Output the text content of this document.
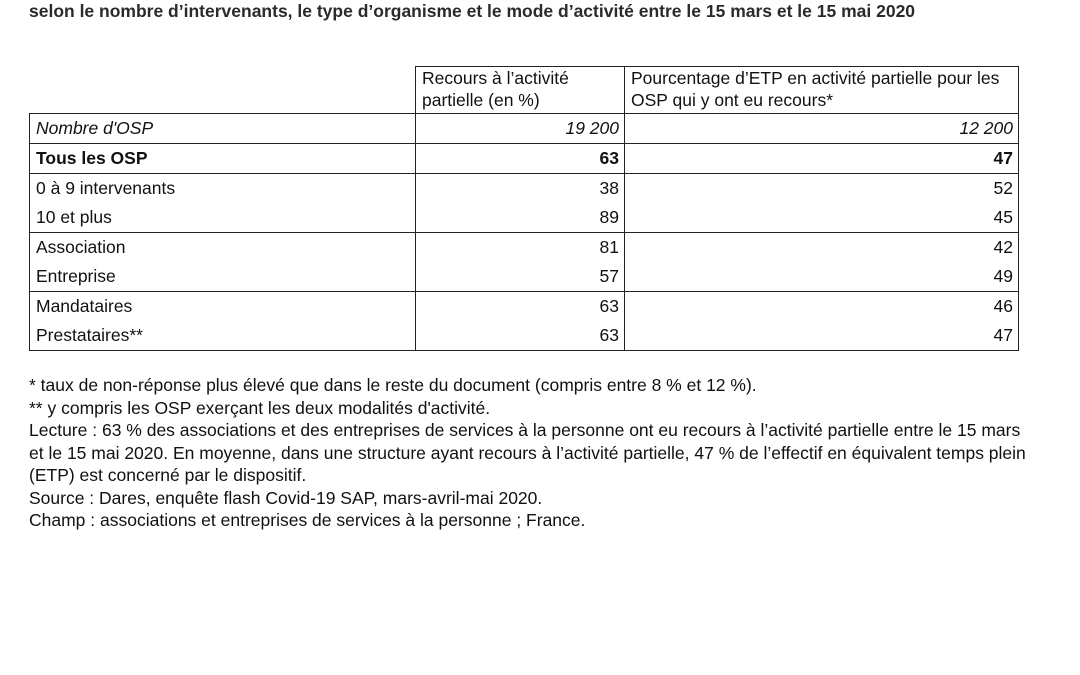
selon le nombre d’intervenants, le type d’organisme et le mode d’activité entre le 15 mars et le 15 mai 2020
	Recours à l’activité partielle (en %)	Pourcentage d’ETP en activité partielle pour les OSP qui y ont eu recours*
Nombre d'OSP	19 200	12 200
Tous les OSP	63	47
0 à 9 intervenants	38	52
10 et plus	89	45
Association	81	42
Entreprise	57	49
Mandataires	63	46
Prestataires**	63	47
* taux de non-réponse plus élevé que dans le reste du document (compris entre 8 % et 12 %).
** y compris les OSP exerçant les deux modalités d'activité.
Lecture : 63 % des associations et des entreprises de services à la personne ont eu recours à l’activité partielle entre le 15 mars et le 15 mai 2020. En moyenne, dans une structure ayant recours à l’activité partielle, 47 % de l’effectif en équivalent temps plein (ETP) est concerné par le dispositif.
Source : Dares, enquête flash Covid-19 SAP, mars-avril-mai 2020.
Champ : associations et entreprises de services à la personne ; France.
